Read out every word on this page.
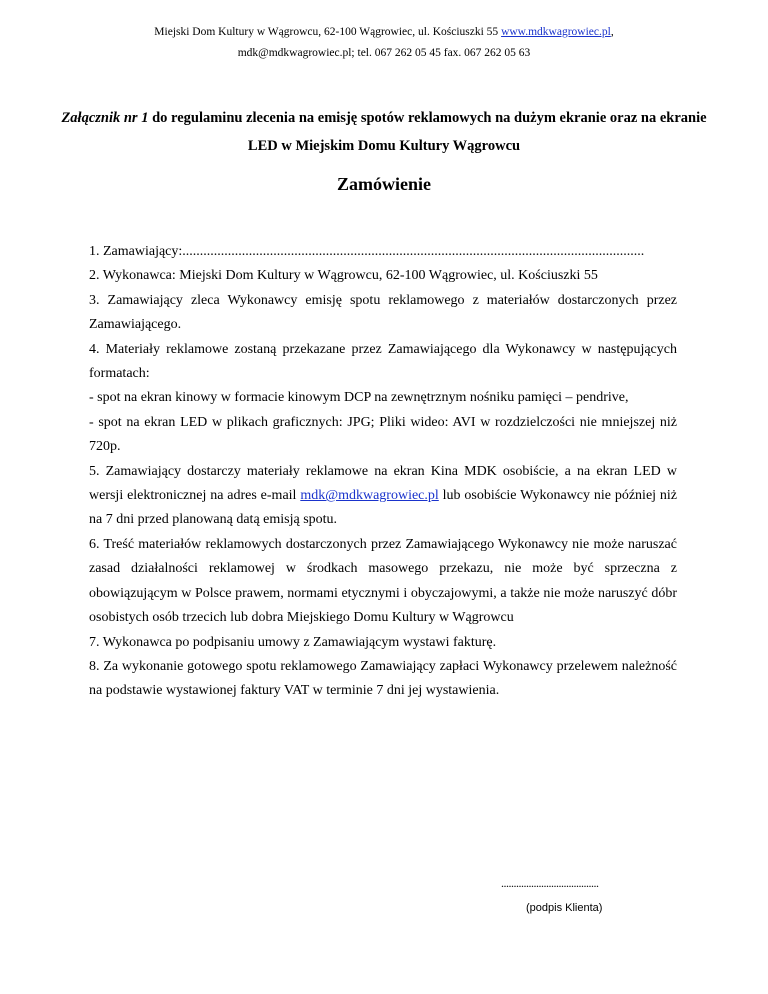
Miejski Dom Kultury w Wągrowcu, 62-100 Wągrowiec, ul. Kościuszki 55 www.mdkwagrowiec.pl,
mdk@mdkwagrowiec.pl; tel. 067 262 05 45 fax. 067 262 05 63
Załącznik nr 1 do regulaminu zlecenia na emisję spotów reklamowych na dużym ekranie oraz na ekranie LED w Miejskim Domu Kultury Wągrowcu
Zamówienie

1. Zamawiający:....................................................................................................................................

2. Wykonawca: Miejski Dom Kultury w Wągrowcu, 62-100 Wągrowiec, ul. Kościuszki 55

3. Zamawiający zleca Wykonawcy emisję spotu reklamowego z materiałów dostarczonych przez Zamawiającego.

4. Materiały reklamowe zostaną przekazane przez Zamawiającego dla Wykonawcy w następujących formatach:

- spot na ekran kinowy w formacie kinowym DCP na zewnętrznym nośniku pamięci – pendrive,

- spot na ekran LED w plikach graficznych: JPG; Pliki wideo: AVI w rozdzielczości nie mniejszej niż 720p.

5. Zamawiający dostarczy materiały reklamowe na ekran Kina MDK osobiście, a na ekran LED w wersji elektronicznej na adres e-mail mdk@mdkwagrowiec.pl lub osobiście Wykonawcy nie później niż na 7 dni przed planowaną datą emisją spotu.

6. Treść materiałów reklamowych dostarczonych przez Zamawiającego Wykonawcy nie może naruszać zasad działalności reklamowej w środkach masowego przekazu, nie może być sprzeczna z obowiązującym w Polsce prawem, normami etycznymi i obyczajowymi, a także nie może naruszyć dóbr osobistych osób trzecich lub dobra Miejskiego Domu Kultury w Wągrowcu

7. Wykonawca po podpisaniu umowy z Zamawiającym wystawi fakturę.

8. Za wykonanie gotowego spotu reklamowego Zamawiający zapłaci Wykonawcy przelewem należność na podstawie wystawionej faktury VAT w terminie 7 dni jej wystawienia.

.......................................
(podpis Klienta)
